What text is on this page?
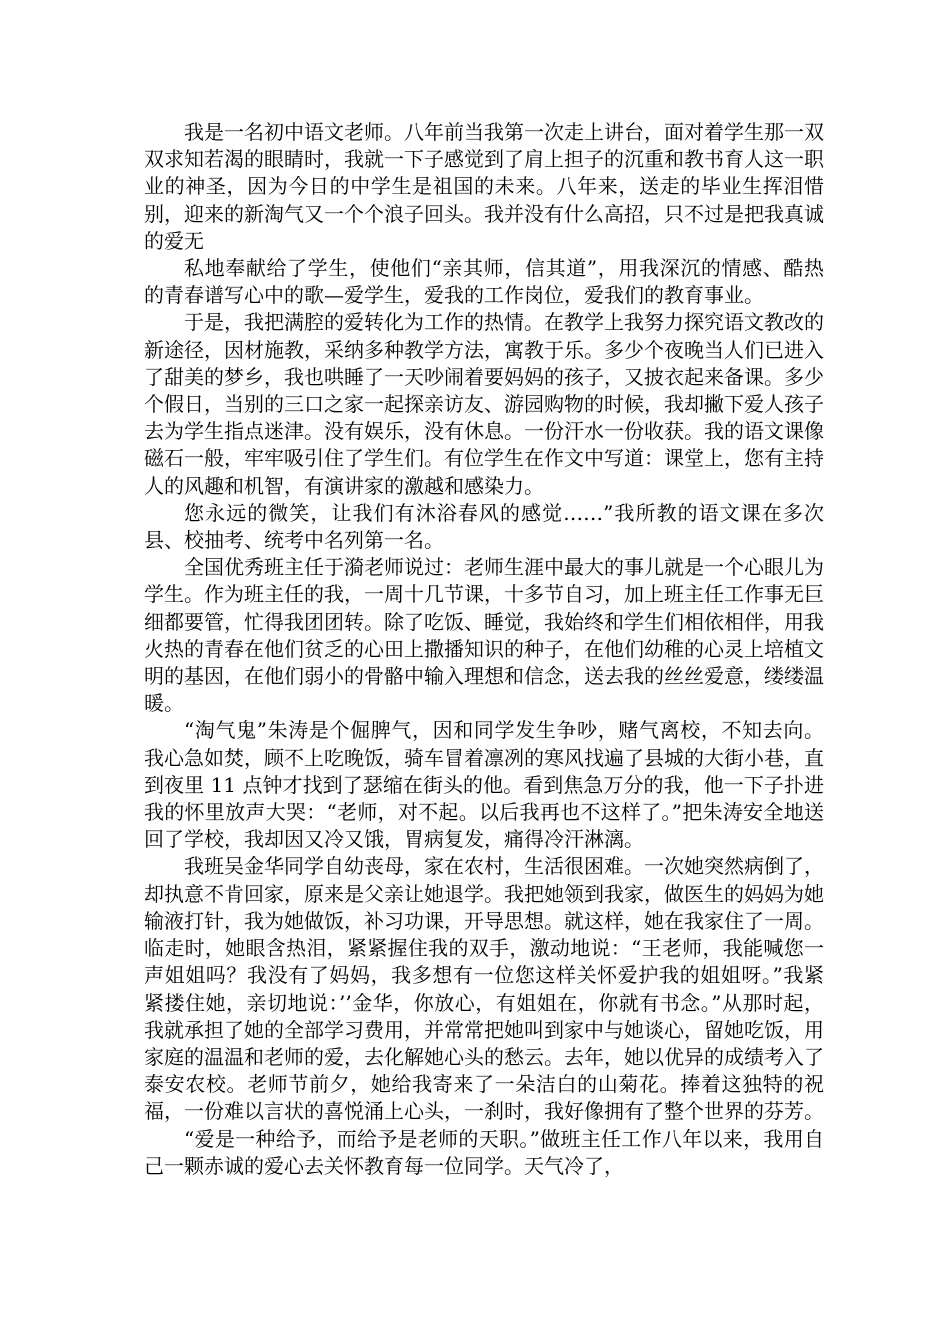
我是一名初中语文老师。八年前当我第一次走上讲台，面对着学生那一双双求知若渴的眼睛时，我就一下子感觉到了肩上担子的沉重和教书育人这一职业的神圣，因为今日的中学生是祖国的未来。八年来，送走的毕业生挥泪惜别，迎来的新淘气又一个个浪子回头。我并没有什么高招，只不过是把我真诚的爱无

私地奉献给了学生，使他们“亲其师，信其道”，用我深沉的情感、酷热的青春谱写心中的歌—爱学生，爱我的工作岗位，爱我们的教育事业。

于是，我把满腔的爱转化为工作的热情。在教学上我努力探究语文教改的新途径，因材施教，采纳多种教学方法，寓教于乐。多少个夜晚当人们已进入了甜美的梦乡，我也哄睡了一天吵闹着要妈妈的孩子，又披衣起来备课。多少个假日，当别的三口之家一起探亲访友、游园购物的时候，我却撇下爱人孩子去为学生指点迷津。没有娱乐，没有休息。一份汗水一份收获。我的语文课像磁石一般，牢牢吸引住了学生们。有位学生在作文中写道：课堂上，您有主持人的风趣和机智，有演讲家的激越和感染力。

您永远的微笑，让我们有沐浴春风的感觉……”我所教的语文课在多次县、校抽考、统考中名列第一名。

全国优秀班主任于漪老师说过：老师生涯中最大的事儿就是一个心眼儿为学生。作为班主任的我，一周十几节课，十多节自习，加上班主任工作事无巨细都要管，忙得我团团转。除了吃饭、睡觉，我始终和学生们相依相伴，用我火热的青春在他们贫乏的心田上撒播知识的种子，在他们幼稚的心灵上培植文明的基因，在他们弱小的骨骼中输入理想和信念，送去我的丝丝爱意，缕缕温暖。

“淘气鬼”朱涛是个倔脾气，因和同学发生争吵，赌气离校，不知去向。我心急如焚，顾不上吃晚饭，骑车冒着凛冽的寒风找遍了县城的大街小巷，直到夜里 11 点钟才找到了瑟缩在街头的他。看到焦急万分的我，他一下子扑进我的怀里放声大哭：“老师，对不起。以后我再也不这样了。”把朱涛安全地送回了学校，我却因又冷又饿，胃病复发，痛得冷汗淋漓。

我班吴金华同学自幼丧母，家在农村，生活很困难。一次她突然病倒了，却执意不肯回家，原来是父亲让她退学。我把她领到我家，做医生的妈妈为她输液打针，我为她做饭，补习功课，开导思想。就这样，她在我家住了一周。临走时，她眼含热泪，紧紧握住我的双手，激动地说：“王老师，我能喊您一声姐姐吗？我没有了妈妈，我多想有一位您这样关怀爱护我的姐姐呀。”我紧紧搂住她，亲切地说：’’金华，你放心，有姐姐在，你就有书念。”从那时起，我就承担了她的全部学习费用，并常常把她叫到家中与她谈心，留她吃饭，用家庭的温温和老师的爱，去化解她心头的愁云。去年，她以优异的成绩考入了泰安农校。老师节前夕，她给我寄来了一朵洁白的山菊花。捧着这独特的祝福，一份难以言状的喜悦涌上心头，一刹时，我好像拥有了整个世界的芬芳。

“爱是一种给予，而给予是老师的天职。”做班主任工作八年以来，我用自己一颗赤诚的爱心去关怀教育每一位同学。天气冷了，
